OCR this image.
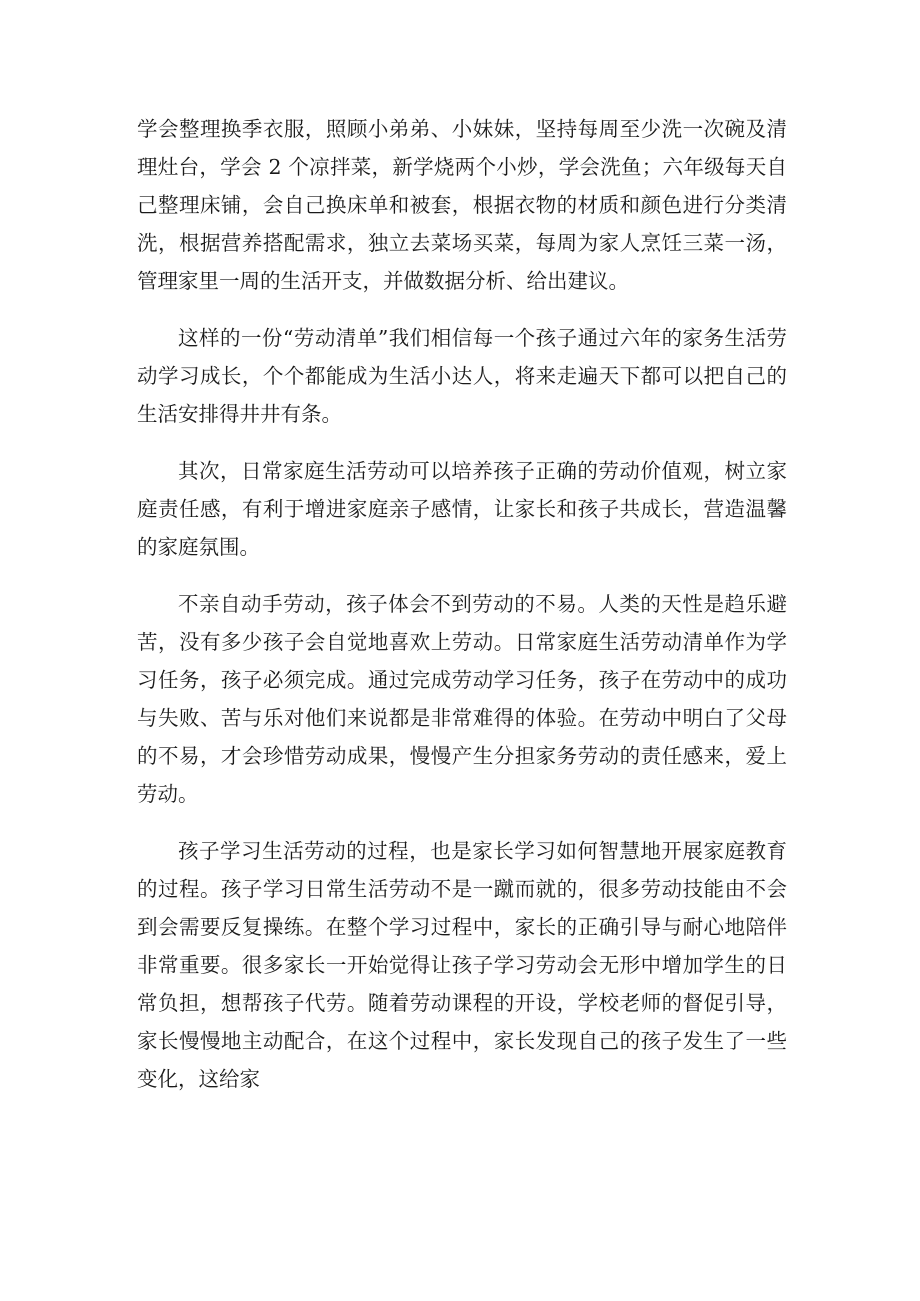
学会整理换季衣服，照顾小弟弟、小妹妹，坚持每周至少洗一次碗及清理灶台，学会 2 个凉拌菜，新学烧两个小炒，学会洗鱼；六年级每天自己整理床铺，会自己换床单和被套，根据衣物的材质和颜色进行分类清洗，根据营养搭配需求，独立去菜场买菜，每周为家人烹饪三菜一汤，管理家里一周的生活开支，并做数据分析、给出建议。

这样的一份“劳动清单”我们相信每一个孩子通过六年的家务生活劳动学习成长，个个都能成为生活小达人，将来走遍天下都可以把自己的生活安排得井井有条。

其次，日常家庭生活劳动可以培养孩子正确的劳动价值观，树立家庭责任感，有利于增进家庭亲子感情，让家长和孩子共成长，营造温馨的家庭氛围。

不亲自动手劳动，孩子体会不到劳动的不易。人类的天性是趋乐避苦，没有多少孩子会自觉地喜欢上劳动。日常家庭生活劳动清单作为学习任务，孩子必须完成。通过完成劳动学习任务，孩子在劳动中的成功与失败、苦与乐对他们来说都是非常难得的体验。在劳动中明白了父母的不易，才会珍惜劳动成果，慢慢产生分担家务劳动的责任感来，爱上劳动。

孩子学习生活劳动的过程，也是家长学习如何智慧地开展家庭教育的过程。孩子学习日常生活劳动不是一蹴而就的，很多劳动技能由不会到会需要反复操练。在整个学习过程中，家长的正确引导与耐心地陪伴非常重要。很多家长一开始觉得让孩子学习劳动会无形中增加学生的日常负担，想帮孩子代劳。随着劳动课程的开设，学校老师的督促引导，家长慢慢地主动配合，在这个过程中，家长发现自己的孩子发生了一些变化，这给家
